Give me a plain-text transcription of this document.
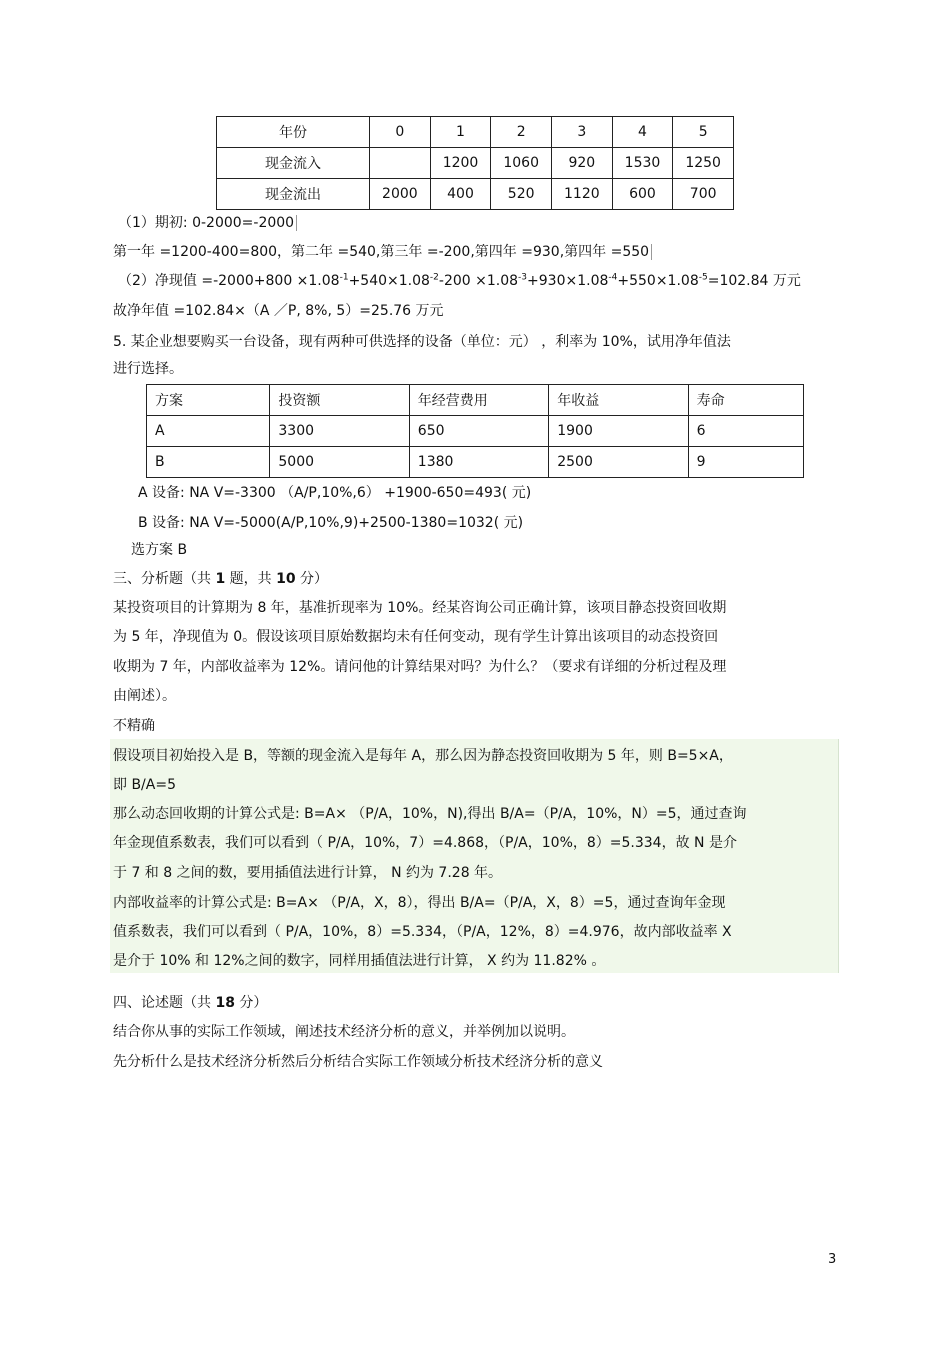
年份	0	1	2	3	4	5
现金流入		1200	1060	920	1530	1250
现金流出	2000	400	520	1120	600	700
（1）期初: 0-2000=-2000
第一年 =1200-400=800，第二年 =540,第三年 =-200,第四年 =930,第四年 =550
（2）净现值 $=-2000+800 \times 1.08^{-1}+540\times 1.08^{-2}-200 \times 1.08^{-3}+930\times 1.08^{-4}+550\times 1.08^{-5}=102.84$ 万元
故净年值 =102.84×（A ／P, 8%, 5）=25.76 万元
5. 某企业想要购买一台设备，现有两种可供选择的设备（单位：元） ，利率为 10%，试用净年值法
进行选择。
方案	投资额	年经营费用	年收益	寿命
A	3300	650	1900	6
B	5000	1380	2500	9
A 设备: NA V=-3300 （A/P,10%,6） +1900-650=493( 元)
B 设备: NA V=-5000(A/P,10%,9)+2500-1380=1032( 元)
选方案 B
三、分析题（共 1 题，共 10 分）
某投资项目的计算期为 8 年，基准折现率为 10%。经某咨询公司正确计算，该项目静态投资回收期
为 5 年，净现值为 0。假设该项目原始数据均未有任何变动，现有学生计算出该项目的动态投资回
收期为 7 年，内部收益率为 12%。请问他的计算结果对吗？为什么？（要求有详细的分析过程及理
由阐述）。
不精确
假设项目初始投入是 B，等额的现金流入是每年 A，那么因为静态投资回收期为 5 年，则 B=5×A，
即 B/A=5
那么动态回收期的计算公式是: B=A× （P/A，10%，N),得出 B/A=（P/A，10%，N）=5，通过查询
年金现值系数表，我们可以看到（ P/A，10%，7）=4.868，（P/A，10%，8）=5.334，故 N 是介
于 7 和 8 之间的数，要用插值法进行计算， N 约为 7.28 年。
内部收益率的计算公式是: B=A× （P/A，X，8），得出 B/A=（P/A，X，8）=5，通过查询年金现
值系数表，我们可以看到（ P/A，10%，8）=5.334，（P/A，12%，8）=4.976，故内部收益率 X
是介于 10% 和 12%之间的数字，同样用插值法进行计算， X 约为 11.82% 。
四、论述题（共 18 分）
结合你从事的实际工作领域，阐述技术经济分析的意义，并举例加以说明。
先分析什么是技术经济分析然后分析结合实际工作领域分析技术经济分析的意义
3
